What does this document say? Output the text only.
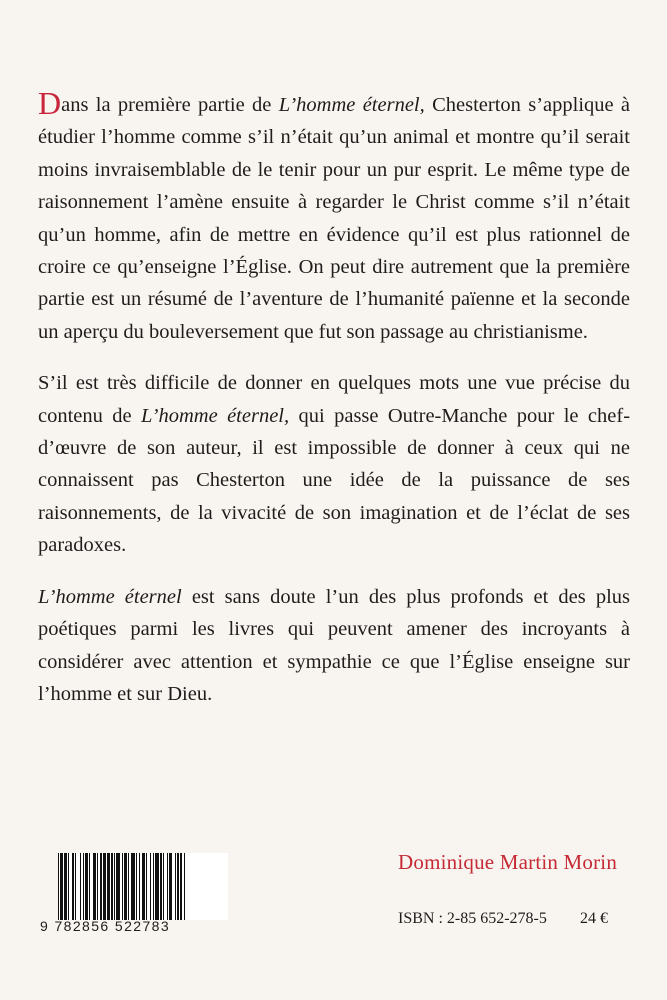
Dans la première partie de L’homme éternel, Chesterton s’applique à étudier l’homme comme s’il n’était qu’un animal et montre qu’il serait moins invraisemblable de le tenir pour un pur esprit. Le même type de raisonnement l’amène ensuite à regarder le Christ comme s’il n’était qu’un homme, afin de mettre en évidence qu’il est plus rationnel de croire ce qu’enseigne l’Église. On peut dire autrement que la première partie est un résumé de l’aventure de l’humanité païenne et la seconde un aperçu du bouleversement que fut son passage au christianisme.

S’il est très difficile de donner en quelques mots une vue précise du contenu de L’homme éternel, qui passe Outre-Manche pour le chef-d’œuvre de son auteur, il est impossible de donner à ceux qui ne connaissent pas Chesterton une idée de la puissance de ses raisonnements, de la vivacité de son imagination et de l’éclat de ses paradoxes.

L’homme éternel est sans doute l’un des plus profonds et des plus poétiques parmi les livres qui peuvent amener des incroyants à considérer avec attention et sympathie ce que l’Église enseigne sur l’homme et sur Dieu.

9 782856 522783
Dominique Martin Morin
ISBN : 2-85 652-278-5 24 €
